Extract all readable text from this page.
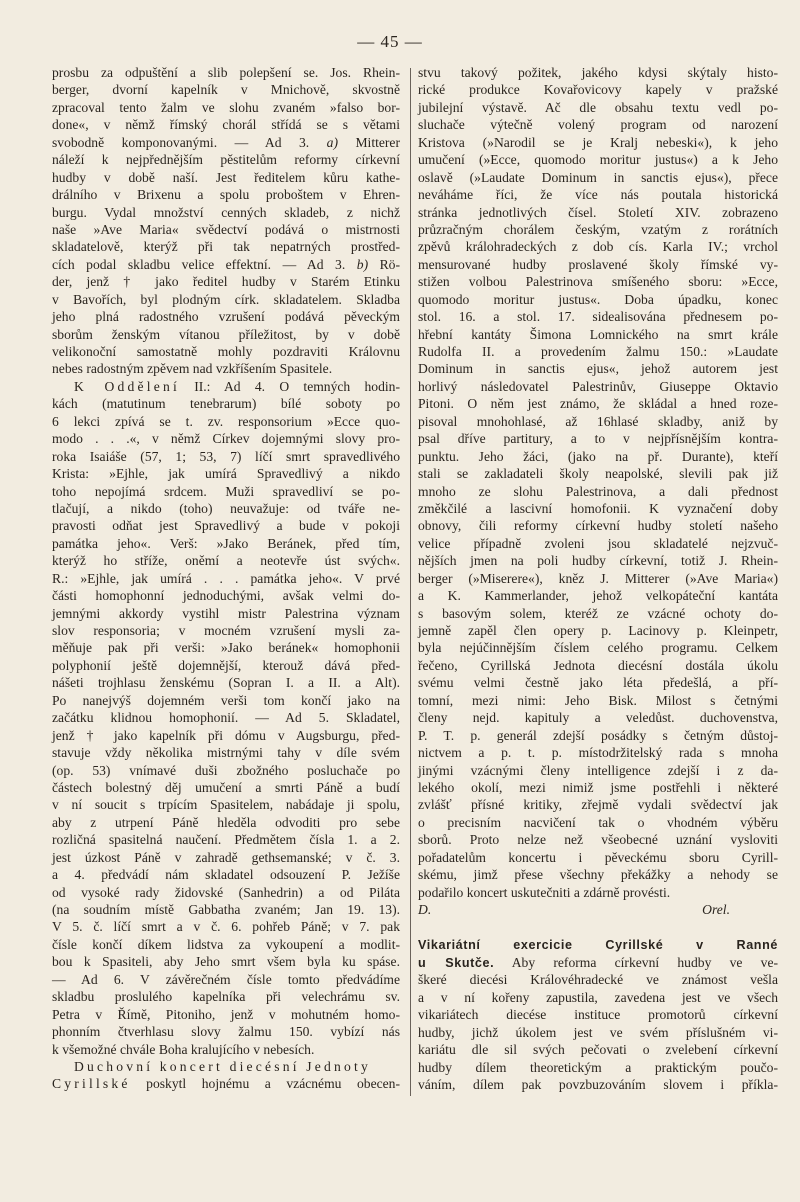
— 45 —
prosbu za odpuštění a slib polepšení se. Jos. Rhein-
berger, dvorní kapelník v Mnichově, skvostně
zpracoval tento žalm ve slohu zvaném »falso bor-
done«, v němž římský chorál střídá se s větami
svobodně komponovanými. — Ad 3. a) Mitterer
náleží k nejpřednějším pěstitelům reformy církevní
hudby v době naší. Jest ředitelem kůru kathe-
drálního v Brixenu a spolu proboštem v Ehren-
burgu. Vydal množství cenných skladeb, z nichž
naše »Ave Maria« svědectví podává o mistrnosti
skladatelově, kterýž při tak nepatrných prostřed-
cích podal skladbu velice effektní. — Ad 3. b) Rö-
der, jenž † jako ředitel hudby v Starém Etinku
v Bavořích, byl plodným círk. skladatelem. Skladba
jeho plná radostného vzrušení podává pěveckým
sborům ženským vítanou příležitost, by v době
velikonoční samostatně mohly pozdraviti Královnu
nebes radostným zpěvem nad vzkříšením Spasitele.
K Oddělení II.: Ad 4. O temných hodin-
kách (matutinum tenebrarum) bílé soboty po
6 lekci zpívá se t. zv. responsorium »Ecce quo-
modo . . .«, v němž Církev dojemnými slovy pro-
roka Isaiáše (57, 1; 53, 7) líčí smrt spravedlivého
Krista: »Ejhle, jak umírá Spravedlivý a nikdo
toho nepojímá srdcem. Muži spravedliví se po-
tlačují, a nikdo (toho) neuvažuje: od tváře ne-
pravosti odňat jest Spravedlivý a bude v pokoji
památka jeho«. Verš: »Jako Beránek, před tím,
kterýž ho stříže, oněmí a neotevře úst svých«.
R.: »Ejhle, jak umírá . . . památka jeho«. V prvé
části homophonní jednoduchými, avšak velmi do-
jemnými akkordy vystihl mistr Palestrina význam
slov responsoria; v mocném vzrušení mysli za-
měňuje pak při verši: »Jako beránek« homophonii
polyphonií ještě dojemnější, kterouž dává před-
nášeti trojhlasu ženskému (Sopran I. a II. a Alt).
Po nanejvýš dojemném verši tom končí jako na
začátku klidnou homophonií. — Ad 5. Skladatel,
jenž † jako kapelník při dómu v Augsburgu, před-
stavuje vždy několika mistrnými tahy v díle svém
(op. 53) vnímavé duši zbožného posluchače po
částech bolestný děj umučení a smrti Páně a budí
v ní soucit s trpícím Spasitelem, nabádaje ji spolu,
aby z utrpení Páně hleděla odvoditi pro sebe
rozličná spasitelná naučení. Předmětem čísla 1. a 2.
jest úzkost Páně v zahradě gethsemanské; v č. 3.
a 4. předvádí nám skladatel odsouzení P. Ježíše
od vysoké rady židovské (Sanhedrin) a od Piláta
(na soudním místě Gabbatha zvaném; Jan 19. 13).
V 5. č. líčí smrt a v č. 6. pohřeb Páně; v 7. pak
čísle končí díkem lidstva za vykoupení a modlit-
bou k Spasiteli, aby Jeho smrt všem byla ku spáse.
— Ad 6. V závěrečném čísle tomto předvádíme
skladbu proslulého kapelníka při velechrámu sv.
Petra v Římě, Pitoniho, jenž v mohutném homo-
phonním čtverhlasu slovy žalmu 150. vybízí nás
k všemožné chvále Boha kralujícího v nebesích.
Duchovní koncert diecésní Jednoty
Cyrillské poskytl hojnému a vzácnému obecen-
stvu takový požitek, jakého kdysi skýtaly histo-
rické produkce Kovařovicovy kapely v pražské
jubilejní výstavě. Ač dle obsahu textu vedl po-
sluchače výtečně volený program od narození
Kristova (»Narodil se je Kralj nebeski«), k jeho
umučení (»Ecce, quomodo moritur justus«) a k Jeho
oslavě (»Laudate Dominum in sanctis ejus«), přece
neváháme říci, že více nás poutala historická
stránka jednotlivých čísel. Století XIV. zobrazeno
průzračným chorálem českým, vzatým z rorátních
zpěvů králohradeckých z dob cís. Karla IV.; vrchol
mensurované hudby proslavené školy římské vy-
stižen volbou Palestrinova smíšeného sboru: »Ecce,
quomodo moritur justus«. Doba úpadku, konec
stol. 16. a stol. 17. sidealisována přednesem po-
hřební kantáty Šimona Lomnického na smrt krále
Rudolfa II. a provedením žalmu 150.: »Laudate
Dominum in sanctis ejus«, jehož autorem jest
horlivý následovatel Palestrinův, Giuseppe Oktavio
Pitoni. O něm jest známo, že skládal a hned roze-
pisoval mnohohlasé, až 16hlasé skladby, aniž by
psal dříve partitury, a to v nejpřísnějším kontra-
punktu. Jeho žáci, (jako na př. Durante), kteří
stali se zakladateli školy neapolské, slevili pak již
mnoho ze slohu Palestrinova, a dali přednost
změkčilé a lascivní homofonii. K vyznačení doby
obnovy, čili reformy církevní hudby století našeho
velice případně zvoleni jsou skladatelé nejzvuč-
nějších jmen na poli hudby církevní, totiž J. Rhein-
berger (»Miserere«), kněz J. Mitterer (»Ave Maria«)
a K. Kammerlander, jehož velkopáteční kantáta
s basovým solem, kteréž ze vzácné ochoty do-
jemně zapěl člen opery p. Lacinovy p. Kleinpetr,
byla nejúčinnějším číslem celého programu. Celkem
řečeno, Cyrillská Jednota diecésní dostála úkolu
svému velmi čestně jako léta předešlá, a pří-
tomní, mezi nimi: Jeho Bisk. Milost s četnými
členy nejd. kapituly a veledůst. duchovenstva,
P. T. p. generál zdejší posádky s četným důstoj-
nictvem a p. t. p. místodržitelský rada s mnoha
jinými vzácnými členy intelligence zdejší i z da-
lekého okolí, mezi nimiž jsme postřehli i některé
zvlášť přísné kritiky, zřejmě vydali svědectví jak
o precisním nacvičení tak o vhodném výběru
sborů. Proto nelze než všeobecné uznání vysloviti
pořadatelům koncertu i pěveckému sboru Cyrill-
skému, jimž přese všechny překážky a nehody se
podařilo koncert uskutečniti a zdárně provésti.
D. Orel.
Vikariátní exercicie Cyrillské v Ranné
u Skutče. Aby reforma církevní hudby ve ve-
škeré diecési Královéhradecké ve známost vešla
a v ní kořeny zapustila, zavedena jest ve všech
vikariátech diecése instituce promotorů církevní
hudby, jichž úkolem jest ve svém příslušném vi-
kariátu dle sil svých pečovati o zvelebení církevní
hudby dílem theoretickým a praktickým poučo-
váním, dílem pak povzbuzováním slovem i příkla-
